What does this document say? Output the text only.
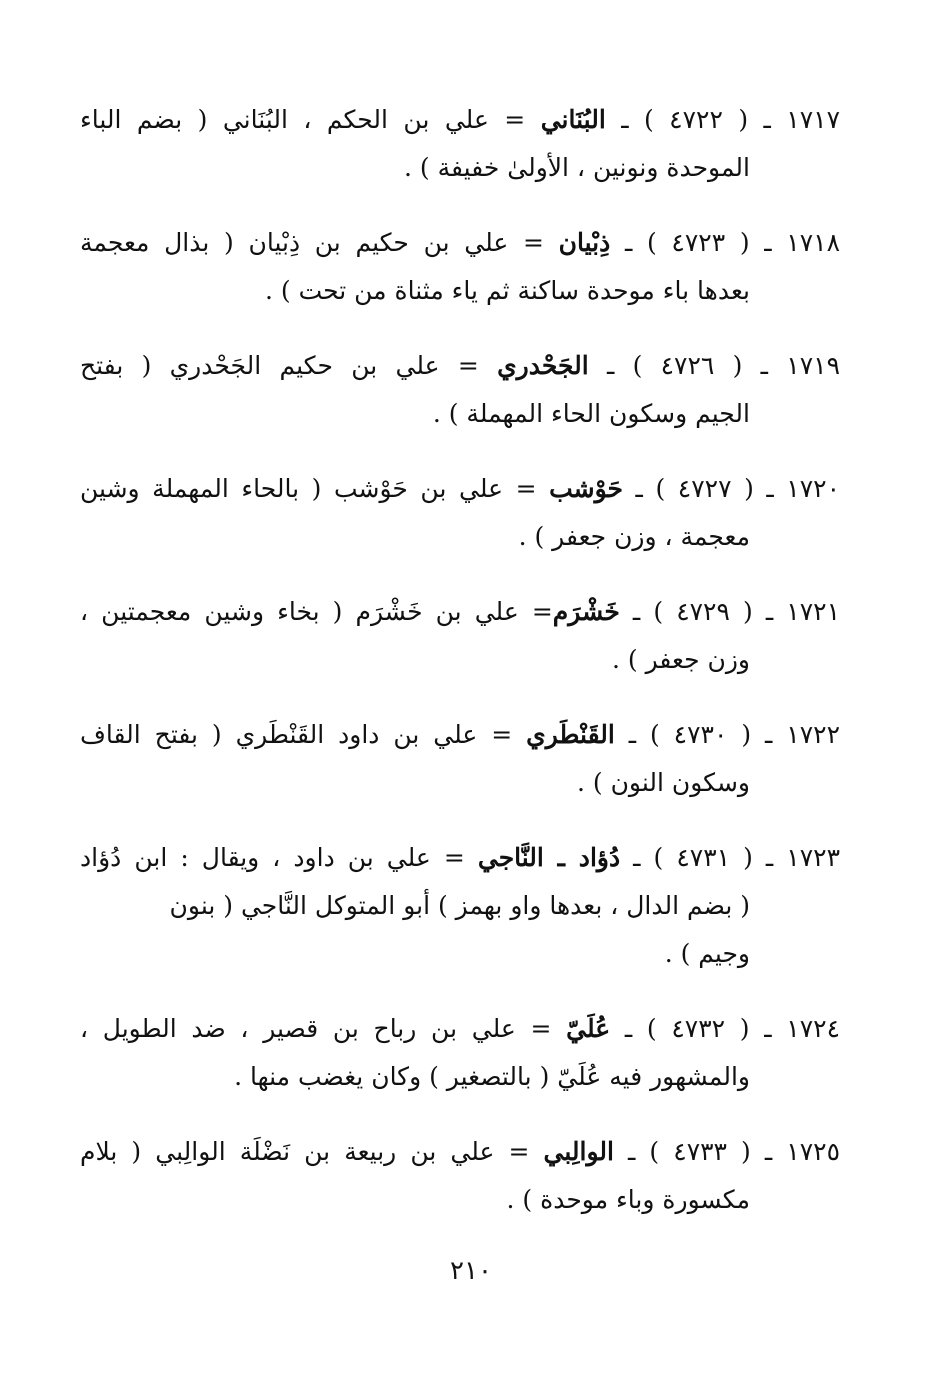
١٧١٧ ـ ( ٤٧٢٢ ) ـ البُنَاني = علي بن الحكم ، البُنَاني ( بضم الباء
الموحدة ونونين ، الأولىٰ خفيفة ) .
١٧١٨ ـ ( ٤٧٢٣ ) ـ ذِبْيان = علي بن حكيم بن ذِبْيان ( بذال معجمة
بعدها باء موحدة ساكنة ثم ياء مثناة من تحت ) .
١٧١٩ ـ ( ٤٧٢٦ ) ـ الجَحْدري = علي بن حكيم الجَحْدري ( بفتح
الجيم وسكون الحاء المهملة ) .
١٧٢٠ ـ ( ٤٧٢٧ ) ـ حَوْشب = علي بن حَوْشب ( بالحاء المهملة وشين
معجمة ، وزن جعفر ) .
١٧٢١ ـ ( ٤٧٢٩ ) ـ خَشْرَم= علي بن خَشْرَم ( بخاء وشين معجمتين ،
وزن جعفر ) .
١٧٢٢ ـ ( ٤٧٣٠ ) ـ القَنْطَري = علي بن داود القَنْطَري ( بفتح القاف
وسكون النون ) .
١٧٢٣ ـ ( ٤٧٣١ ) ـ دُؤاد ـ النَّاجي = علي بن داود ، ويقال : ابن دُؤاد
( بضم الدال ، بعدها واو بهمز ) أبو المتوكل النَّاجي ( بنون
وجيم ) .
١٧٢٤ ـ ( ٤٧٣٢ ) ـ عُلَيّ = علي بن رباح بن قصير ، ضد الطويل ،
والمشهور فيه عُلَيّ ( بالتصغير ) وكان يغضب منها .
١٧٢٥ ـ ( ٤٧٣٣ ) ـ الوالِبي = علي بن ربيعة بن نَضْلَة الوالِبي ( بلام
مكسورة وباء موحدة ) .
٢١٠
